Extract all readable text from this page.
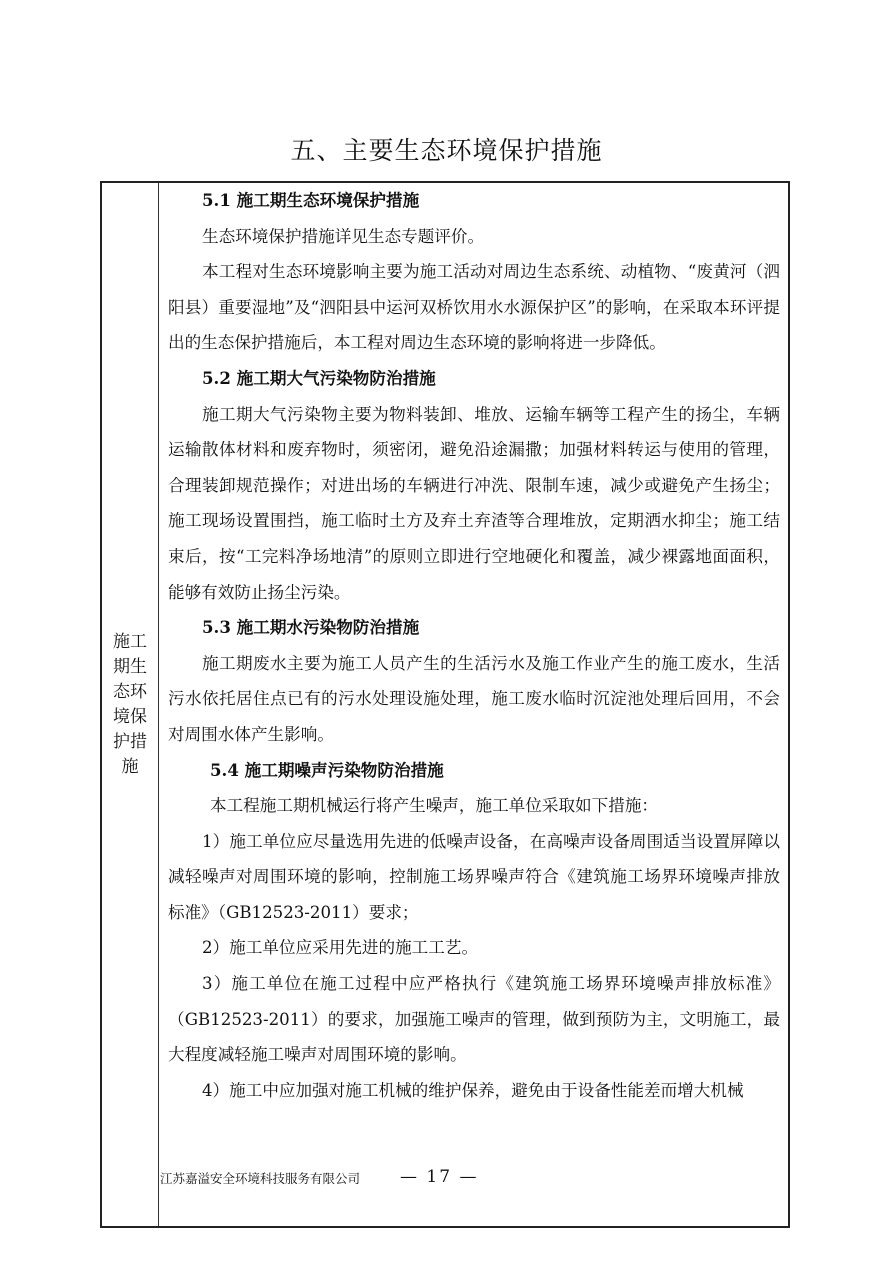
五、主要生态环境保护措施
施工期生态环境保护措施

5.1 施工期生态环境保护措施

生态环境保护措施详见生态专题评价。

本工程对生态环境影响主要为施工活动对周边生态系统、动植物、“废黄河（泗阳县）重要湿地”及“泗阳县中运河双桥饮用水水源保护区”的影响，在采取本环评提出的生态保护措施后，本工程对周边生态环境的影响将进一步降低。

5.2 施工期大气污染物防治措施

施工期大气污染物主要为物料装卸、堆放、运输车辆等工程产生的扬尘，车辆运输散体材料和废弃物时，须密闭，避免沿途漏撒；加强材料转运与使用的管理，合理装卸规范操作；对进出场的车辆进行冲洗、限制车速，减少或避免产生扬尘；施工现场设置围挡，施工临时土方及弃土弃渣等合理堆放，定期洒水抑尘；施工结束后，按“工完料净场地清”的原则立即进行空地硬化和覆盖，减少裸露地面面积，能够有效防止扬尘污染。

5.3 施工期水污染物防治措施

施工期废水主要为施工人员产生的生活污水及施工作业产生的施工废水，生活污水依托居住点已有的污水处理设施处理，施工废水临时沉淀池处理后回用，不会对周围水体产生影响。

5.4 施工期噪声污染物防治措施

本工程施工期机械运行将产生噪声，施工单位采取如下措施：

1）施工单位应尽量选用先进的低噪声设备，在高噪声设备周围适当设置屏障以减轻噪声对周围环境的影响，控制施工场界噪声符合《建筑施工场界环境噪声排放标准》（GB12523-2011）要求；

2）施工单位应采用先进的施工工艺。

3）施工单位在施工过程中应严格执行《建筑施工场界环境噪声排放标准》（GB12523-2011）的要求，加强施工噪声的管理，做到预防为主，文明施工，最大程度减轻施工噪声对周围环境的影响。

4）施工中应加强对施工机械的维护保养，避免由于设备性能差而增大机械

江苏嘉溢安全环境科技服务有限公司 — 17 —
